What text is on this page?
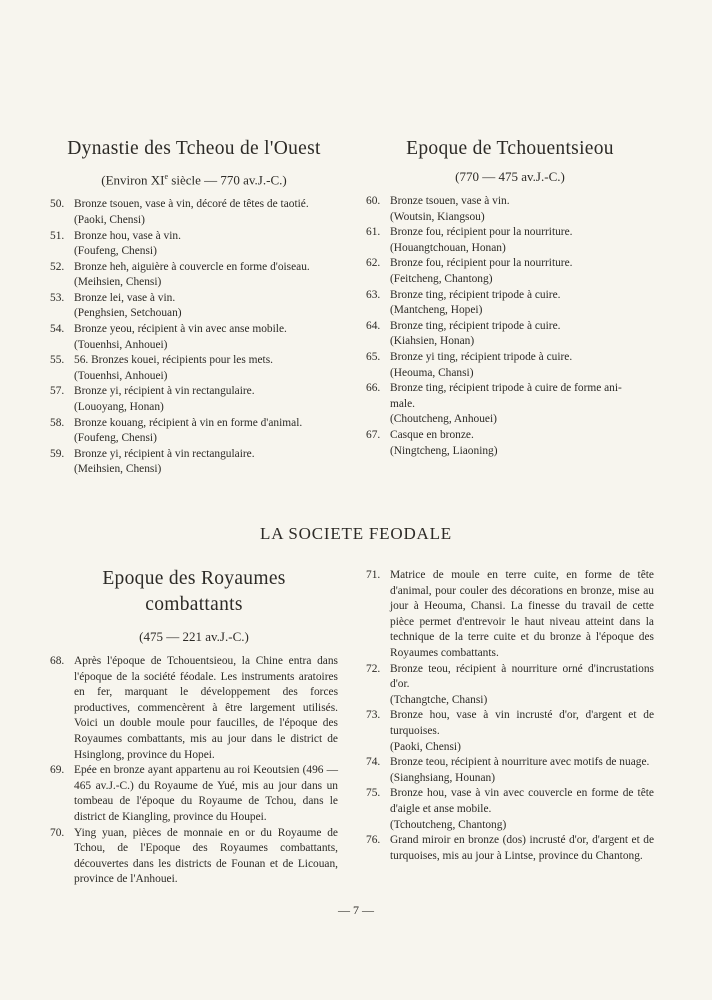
Dynastie des Tcheou de l'Ouest
(Environ XIe siècle — 770 av.J.-C.)
50. Bronze tsouen, vase à vin, décoré de têtes de taotié.
(Paoki, Chensi)
51. Bronze hou, vase à vin.
(Foufeng, Chensi)
52. Bronze heh, aiguière à couvercle en forme d'oiseau.
(Meihsien, Chensi)
53. Bronze lei, vase à vin.
(Penghsien, Setchouan)
54. Bronze yeou, récipient à vin avec anse mobile.
(Touenhsi, Anhouei)
55. 56. Bronzes kouei, récipients pour les mets.
(Touenhsi, Anhouei)
57. Bronze yi, récipient à vin rectangulaire.
(Louoyang, Honan)
58. Bronze kouang, récipient à vin en forme d'animal.
(Foufeng, Chensi)
59. Bronze yi, récipient à vin rectangulaire.
(Meihsien, Chensi)
Epoque de Tchouentsieou
(770 — 475 av.J.-C.)
60. Bronze tsouen, vase à vin.
(Woutsin, Kiangsou)
61. Bronze fou, récipient pour la nourriture.
(Houangtchouan, Honan)
62. Bronze fou, récipient pour la nourriture.
(Feitcheng, Chantong)
63. Bronze ting, récipient tripode à cuire.
(Mantcheng, Hopei)
64. Bronze ting, récipient tripode à cuire.
(Kiahsien, Honan)
65. Bronze yi ting, récipient tripode à cuire.
(Heouma, Chansi)
66. Bronze ting, récipient tripode à cuire de forme ani-
male.
(Choutcheng, Anhouei)
67. Casque en bronze.
(Ningtcheng, Liaoning)
LA SOCIETE FEODALE
Epoque des Royaumes
combattants
(475 — 221 av.J.-C.)
68. Après l'époque de Tchouentsieou, la Chine entra dans l'époque de la société féodale. Les instruments aratoires en fer, marquant le développement des forces productives, commencèrent à être largement utilisés. Voici un double moule pour faucilles, de l'époque des Royaumes combattants, mis au jour dans le district de Hsinglong, province du Hopei.
69. Epée en bronze ayant appartenu au roi Keoutsien (496 — 465 av.J.-C.) du Royaume de Yué, mis au jour dans un tombeau de l'époque du Royaume de Tchou, dans le district de Kiangling, province du Houpei.
70. Ying yuan, pièces de monnaie en or du Royaume de Tchou, de l'Epoque des Royaumes combattants, découvertes dans les districts de Founan et de Licouan, province de l'Anhouei.
71. Matrice de moule en terre cuite, en forme de tête d'animal, pour couler des décorations en bronze, mise au jour à Heouma, Chansi. La finesse du travail de cette pièce permet d'entrevoir le haut niveau atteint dans la technique de la terre cuite et du bronze à l'époque des Royaumes combattants.
72. Bronze teou, récipient à nourriture orné d'incrustations d'or.
(Tchangtche, Chansi)
73. Bronze hou, vase à vin incrusté d'or, d'argent et de turquoises.
(Paoki, Chensi)
74. Bronze teou, récipient à nourriture avec motifs de nuage.
(Sianghsiang, Hounan)
75. Bronze hou, vase à vin avec couvercle en forme de tête d'aigle et anse mobile.
(Tchoutcheng, Chantong)
76. Grand miroir en bronze (dos) incrusté d'or, d'argent et de turquoises, mis au jour à Lintse, province du Chantong.
— 7 —
